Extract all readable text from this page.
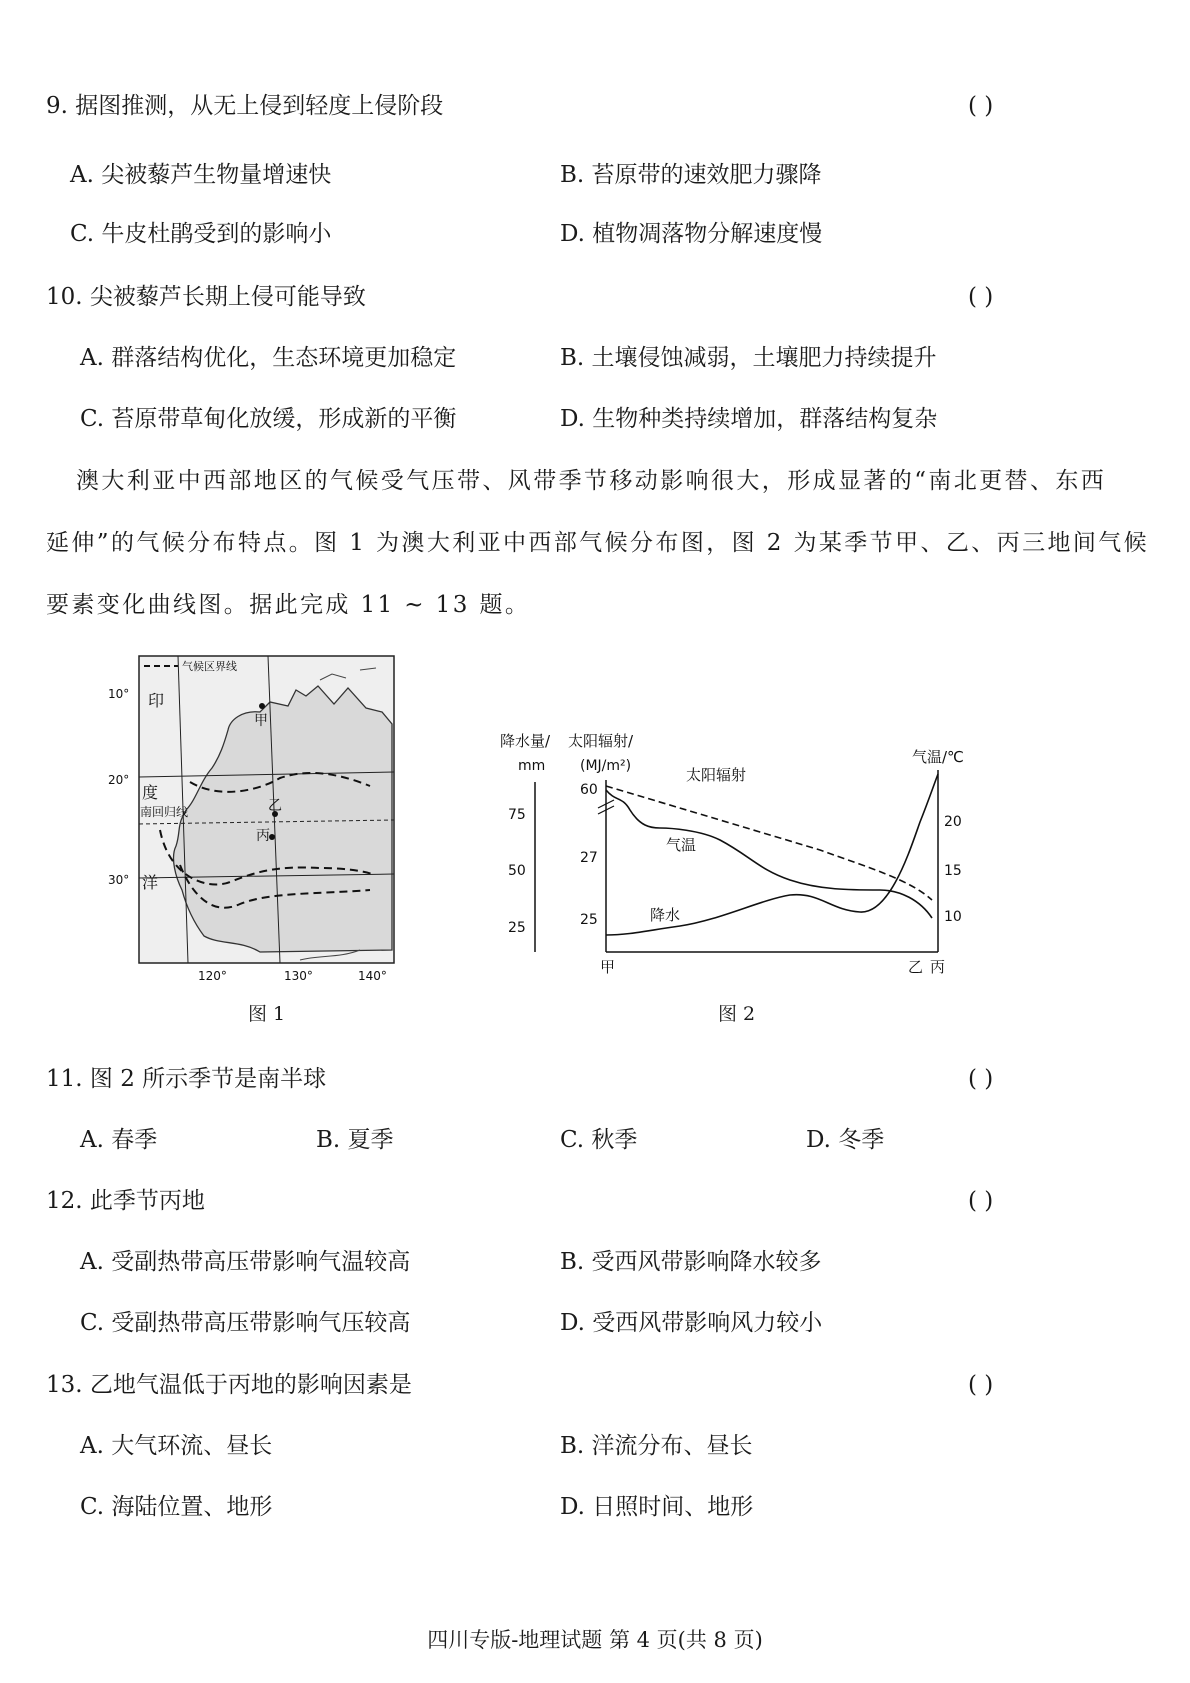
9. 据图推测，从无上侵到轻度上侵阶段	( )
A. 尖被藜芦生物量增速快	B. 苔原带的速效肥力骤降
C. 牛皮杜鹃受到的影响小	D. 植物凋落物分解速度慢
10. 尖被藜芦长期上侵可能导致	( )
A. 群落结构优化，生态环境更加稳定	B. 土壤侵蚀减弱，土壤肥力持续提升
C. 苔原带草甸化放缓，形成新的平衡	D. 生物种类持续增加，群落结构复杂
澳大利亚中西部地区的气候受气压带、风带季节移动影响很大，形成显著的“南北更替、东西
延伸”的气候分布特点。图 1 为澳大利亚中西部气候分布图，图 2 为某季节甲、乙、丙三地间气候
要素变化曲线图。据此完成 11 ~ 13 题。
气候区界线
10°
20°
30°
120°	130°	140°
印
度
洋
南回归线
甲
乙
丙
图 1
降水量/
mm
太阳辐射/
(MJ/m²)	气温/℃
75
50
25
60
27
25
20
15
10
太阳辐射
气温
降水
甲	乙 丙
图 2
11. 图 2 所示季节是南半球	( )
A. 春季	B. 夏季	C. 秋季	D. 冬季
12. 此季节丙地	( )
A. 受副热带高压带影响气温较高	B. 受西风带影响降水较多
C. 受副热带高压带影响气压较高	D. 受西风带影响风力较小
13. 乙地气温低于丙地的影响因素是	( )
A. 大气环流、昼长	B. 洋流分布、昼长
C. 海陆位置、地形	D. 日照时间、地形
四川专版-地理试题 第 4 页(共 8 页)
